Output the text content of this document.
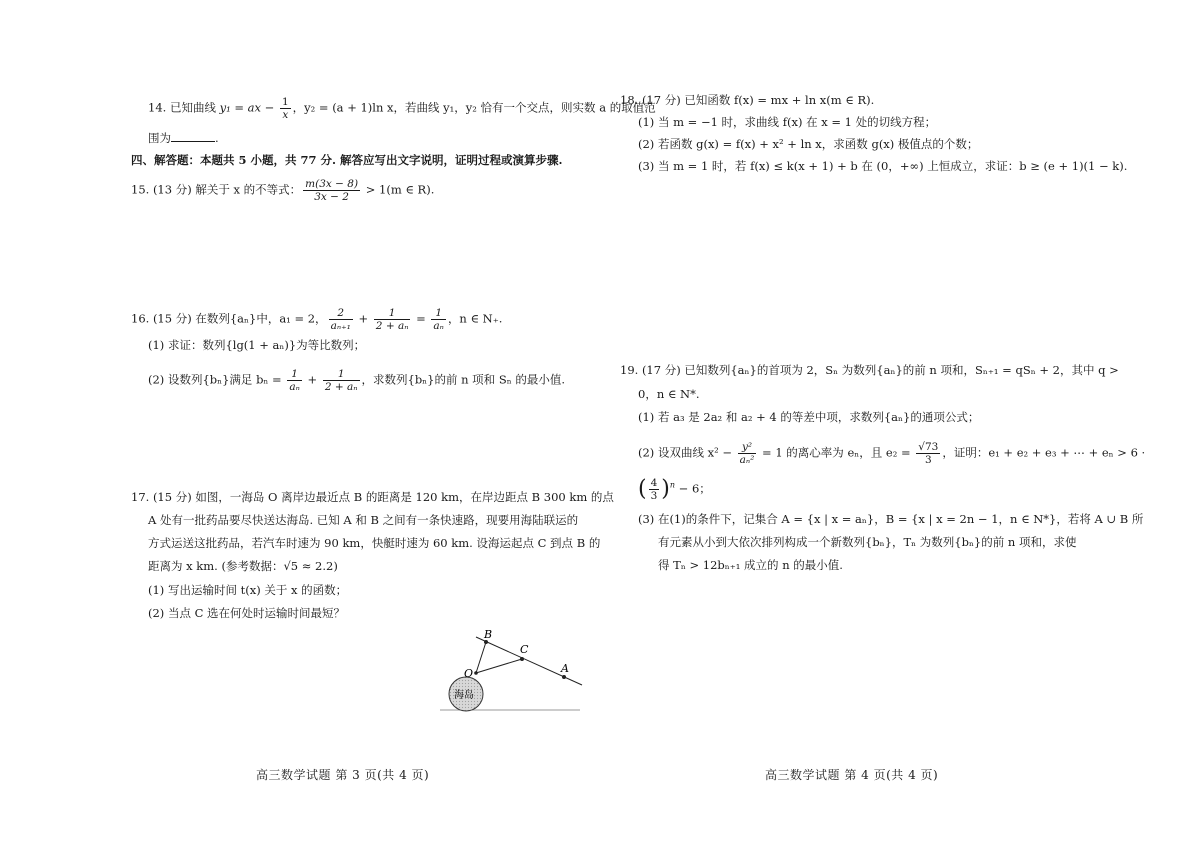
14. 已知曲线 y₁ = ax − $\frac{1}{x}$ ，y₂ = (a + 1)ln x，若曲线 y₁，y₂ 恰有一个交点，则实数 a 的取值范
围为	.
四、解答题：本题共 5 小题，共 77 分. 解答应写出文字说明，证明过程或演算步骤.
15. (13 分) 解关于 x 的不等式： $\frac{m(3x - 8)}{3x - 2} > 1(m$ ∈ R).
16. (15 分) 在数列{aₙ}中，a₁ = 2， $\frac{2}{\text{aₙ₊₁}} + \frac{1}{\text{2 + aₙ}} = \frac{1}{\text{aₙ}}$ ，n ∈ N₊.
(1) 求证：数列{lg(1 + aₙ)}为等比数列；
(2) 设数列{bₙ}满足 $b_n = \frac{1}{\text{aₙ}} + \frac{1}{\text{2 + aₙ}}$ ，求数列{bₙ}的前 n 项和 Sₙ 的最小值.
17. (15 分) 如图，一海岛 O 离岸边最近点 B 的距离是 120 km，在岸边距点 B 300 km 的点
A 处有一批药品要尽快送达海岛. 已知 A 和 B 之间有一条快速路，现要用海陆联运的
方式运送这批药品，若汽车时速为 90 km，快艇时速为 60 km. 设海运起点 C 到点 B 的
距离为 x km. (参考数据：√5 ≈ 2.2)
(1) 写出运输时间 t(x) 关于 x 的函数；
(2) 当点 C 选在何处时运输时间最短？
B
C
A
O
海岛
高三数学试题 第 3 页(共 4 页)
18. (17 分) 已知函数 f(x) = mx + ln x(m ∈ R).
(1) 当 m = −1 时，求曲线 f(x) 在 x = 1 处的切线方程；
(2) 若函数 g(x) = f(x) + x² + ln x，求函数 g(x) 极值点的个数；
(3) 当 m = 1 时，若 f(x) ≤ k(x + 1) + b 在 (0，+∞) 上恒成立，求证：b ≥ (e + 1)(1 − k).
19. (17 分) 已知数列{aₙ}的首项为 2，Sₙ 为数列{aₙ}的前 n 项和，Sₙ₊₁ = qSₙ + 2，其中 q >
0，n ∈ N*.
(1) 若 a₃ 是 2a₂ 和 a₂ + 4 的等差中项，求数列{aₙ}的通项公式；
(2) 设双曲线 $x^2 - \frac{\text{y²}}{\text{aₙ²}} = 1$ 的离心率为 eₙ，且 $e_2 = \frac{√73}{3}$ ，证明：e₁ + e₂ + e₃ + ⋯ + eₙ > 6 ·
( $\frac{4}{3} )^n - 6$；
(3) 在(1)的条件下，记集合 A = {x | x = aₙ}，B = {x | x = 2n − 1，n ∈ N*}，若将 A ∪ B 所
有元素从小到大依次排列构成一个新数列{bₙ}，Tₙ 为数列{bₙ}的前 n 项和，求使
得 Tₙ > 12bₙ₊₁ 成立的 n 的最小值.
高三数学试题 第 4 页(共 4 页)
